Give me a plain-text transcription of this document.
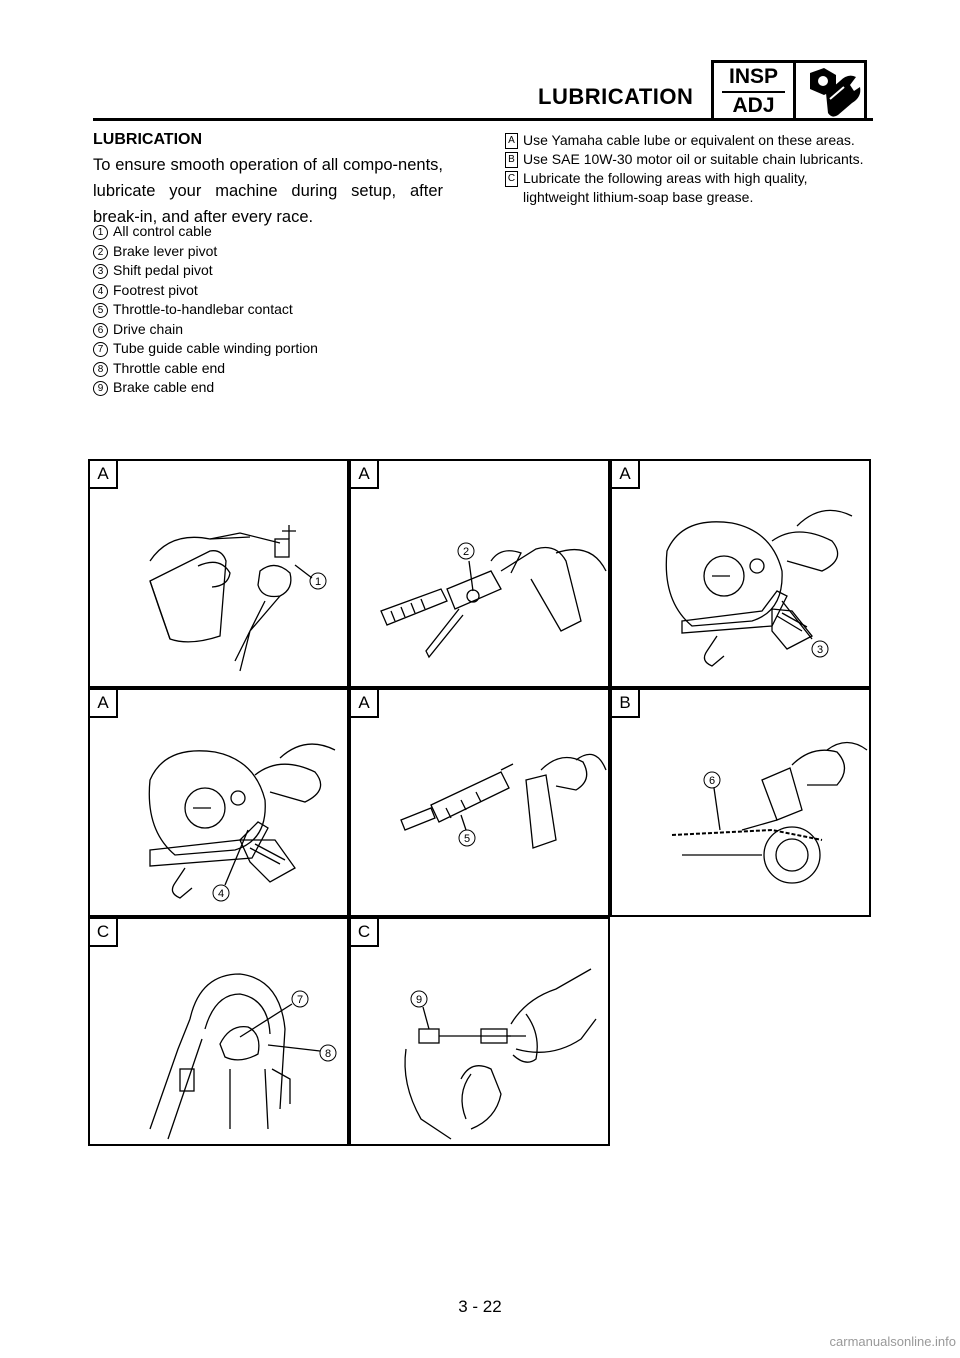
LUBRICATION
INSP
ADJ
LUBRICATION
To ensure smooth operation of all compo-nents, lubricate your machine during setup, after break-in, and after every race.
1 All control cable
2 Brake lever pivot
3 Shift pedal pivot
4 Footrest pivot
5 Throttle-to-handlebar contact
6 Drive chain
7 Tube guide cable winding portion
8 Throttle cable end
9 Brake cable end
A Use Yamaha cable lube or equivalent on these areas.
B Use SAE 10W-30 motor oil or suitable chain lubricants.
C Lubricate the following areas with high quality, lightweight lithium-soap base grease.
A
1
A
2
A
3
A
4
A
5
B
6
C
7
8
C
9
3 - 22
carmanualsonline.info
